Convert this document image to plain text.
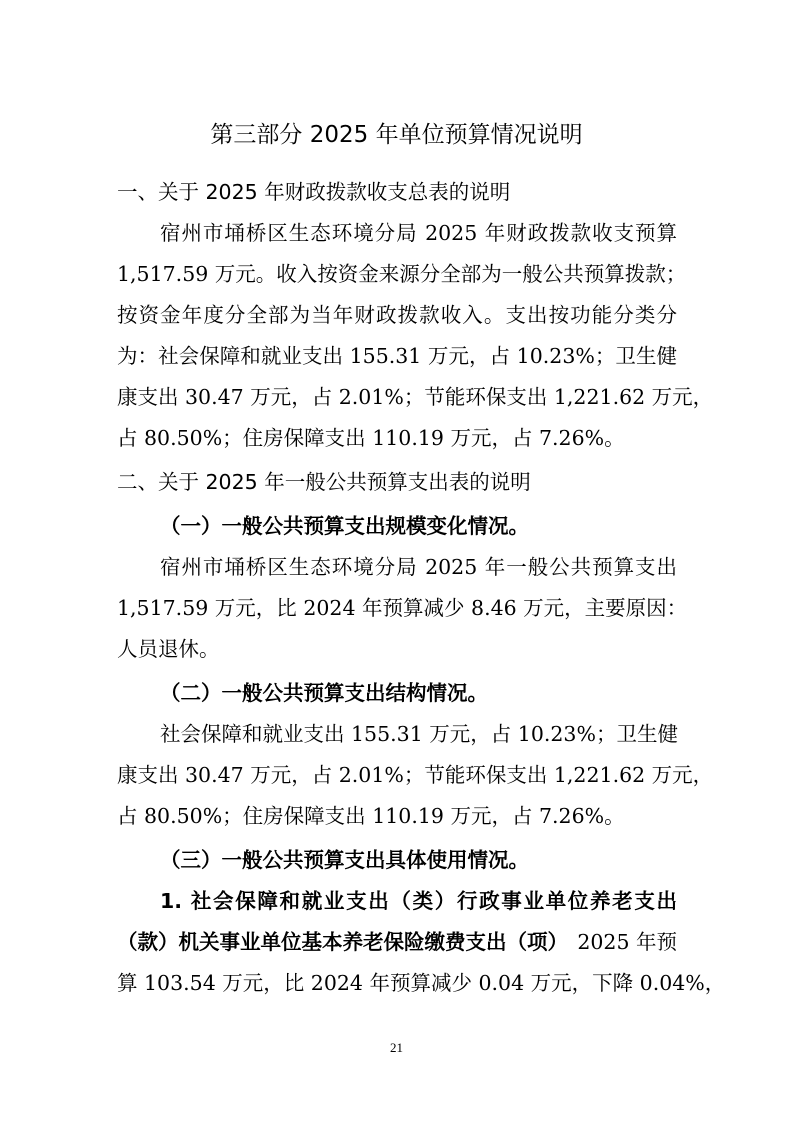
第三部分 2025 年单位预算情况说明
一、关于 2025 年财政拨款收支总表的说明
宿州市埇桥区生态环境分局 2025 年财政拨款收支预算
1,517.59 万元。收入按资金来源分全部为一般公共预算拨款；
按资金年度分全部为当年财政拨款收入。支出按功能分类分
为：社会保障和就业支出 155.31 万元，占 10.23%；卫生健
康支出 30.47 万元，占 2.01%；节能环保支出 1,221.62 万元，
占 80.50%；住房保障支出 110.19 万元，占 7.26%。
二、关于 2025 年一般公共预算支出表的说明
（一）一般公共预算支出规模变化情况。
宿州市埇桥区生态环境分局 2025 年一般公共预算支出
1,517.59 万元，比 2024 年预算减少 8.46 万元，主要原因：
人员退休。
（二）一般公共预算支出结构情况。
社会保障和就业支出 155.31 万元，占 10.23%；卫生健
康支出 30.47 万元，占 2.01%；节能环保支出 1,221.62 万元，
占 80.50%；住房保障支出 110.19 万元，占 7.26%。
（三）一般公共预算支出具体使用情况。
1. 社会保障和就业支出（类）行政事业单位养老支出
（款）机关事业单位基本养老保险缴费支出（项） 2025 年预
算 103.54 万元，比 2024 年预算减少 0.04 万元，下降 0.04%，
21
